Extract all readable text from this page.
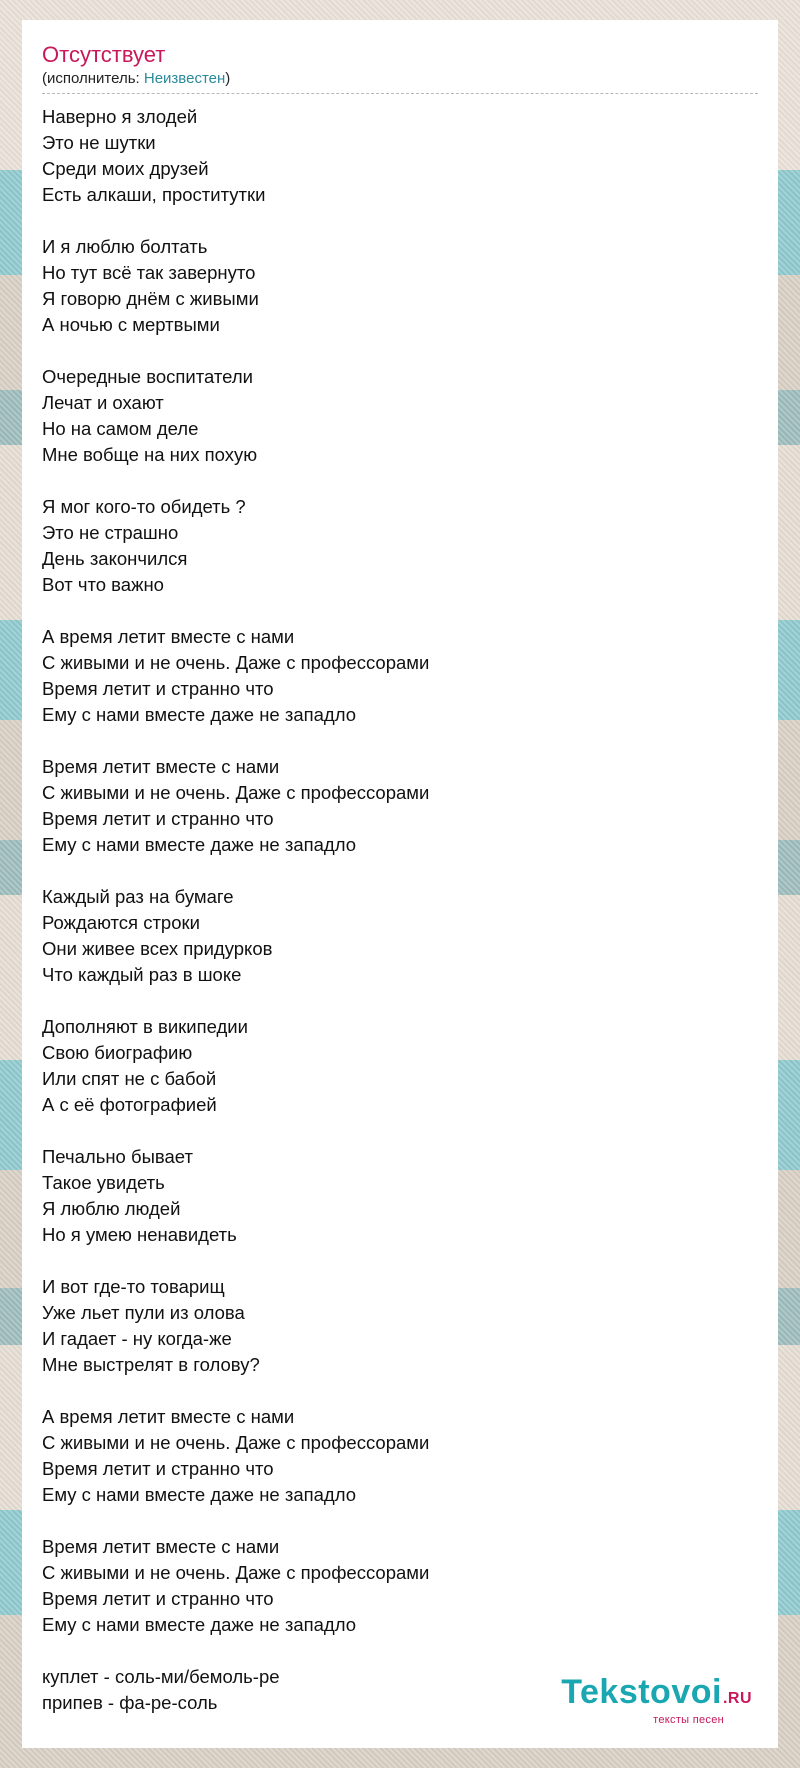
Отсутствует
(исполнитель: Неизвестен)
Наверно я злодей
Это не шутки
Среди моих друзей
Есть алкаши, проститутки
И я люблю болтать
Но тут всё так завернуто
Я говорю днём с живыми
А ночью с мертвыми
Очередные воспитатели
Лечат и охают
Но на самом деле
Мне вобще на них похую
Я мог кого-то обидеть ?
Это не страшно
День закончился
Вот что важно
А время летит вместе с нами
С живыми и не очень. Даже с профессорами
Время летит и странно что
Ему с нами вместе даже не западло
Время летит вместе с нами
С живыми и не очень. Даже с профессорами
Время летит и странно что
Ему с нами вместе даже не западло
Каждый раз на бумаге
Рождаются строки
Они живее всех придурков
Что каждый раз в шоке
Дополняют в википедии
Свою биографию
Или спят не с бабой
А с её фотографией
Печально бывает
Такое увидеть
Я люблю людей
Но я умею ненавидеть
И вот где-то товарищ
Уже льет пули из олова
И гадает - ну когда-же
Мне выстрелят в голову?
А время летит вместе с нами
С живыми и не очень. Даже с профессорами
Время летит и странно что
Ему с нами вместе даже не западло
Время летит вместе с нами
С живыми и не очень. Даже с профессорами
Время летит и странно что
Ему с нами вместе даже не западло
куплет - соль-ми/бемоль-ре
припев - фа-ре-соль	Tekstovoi.RU
тексты песен
